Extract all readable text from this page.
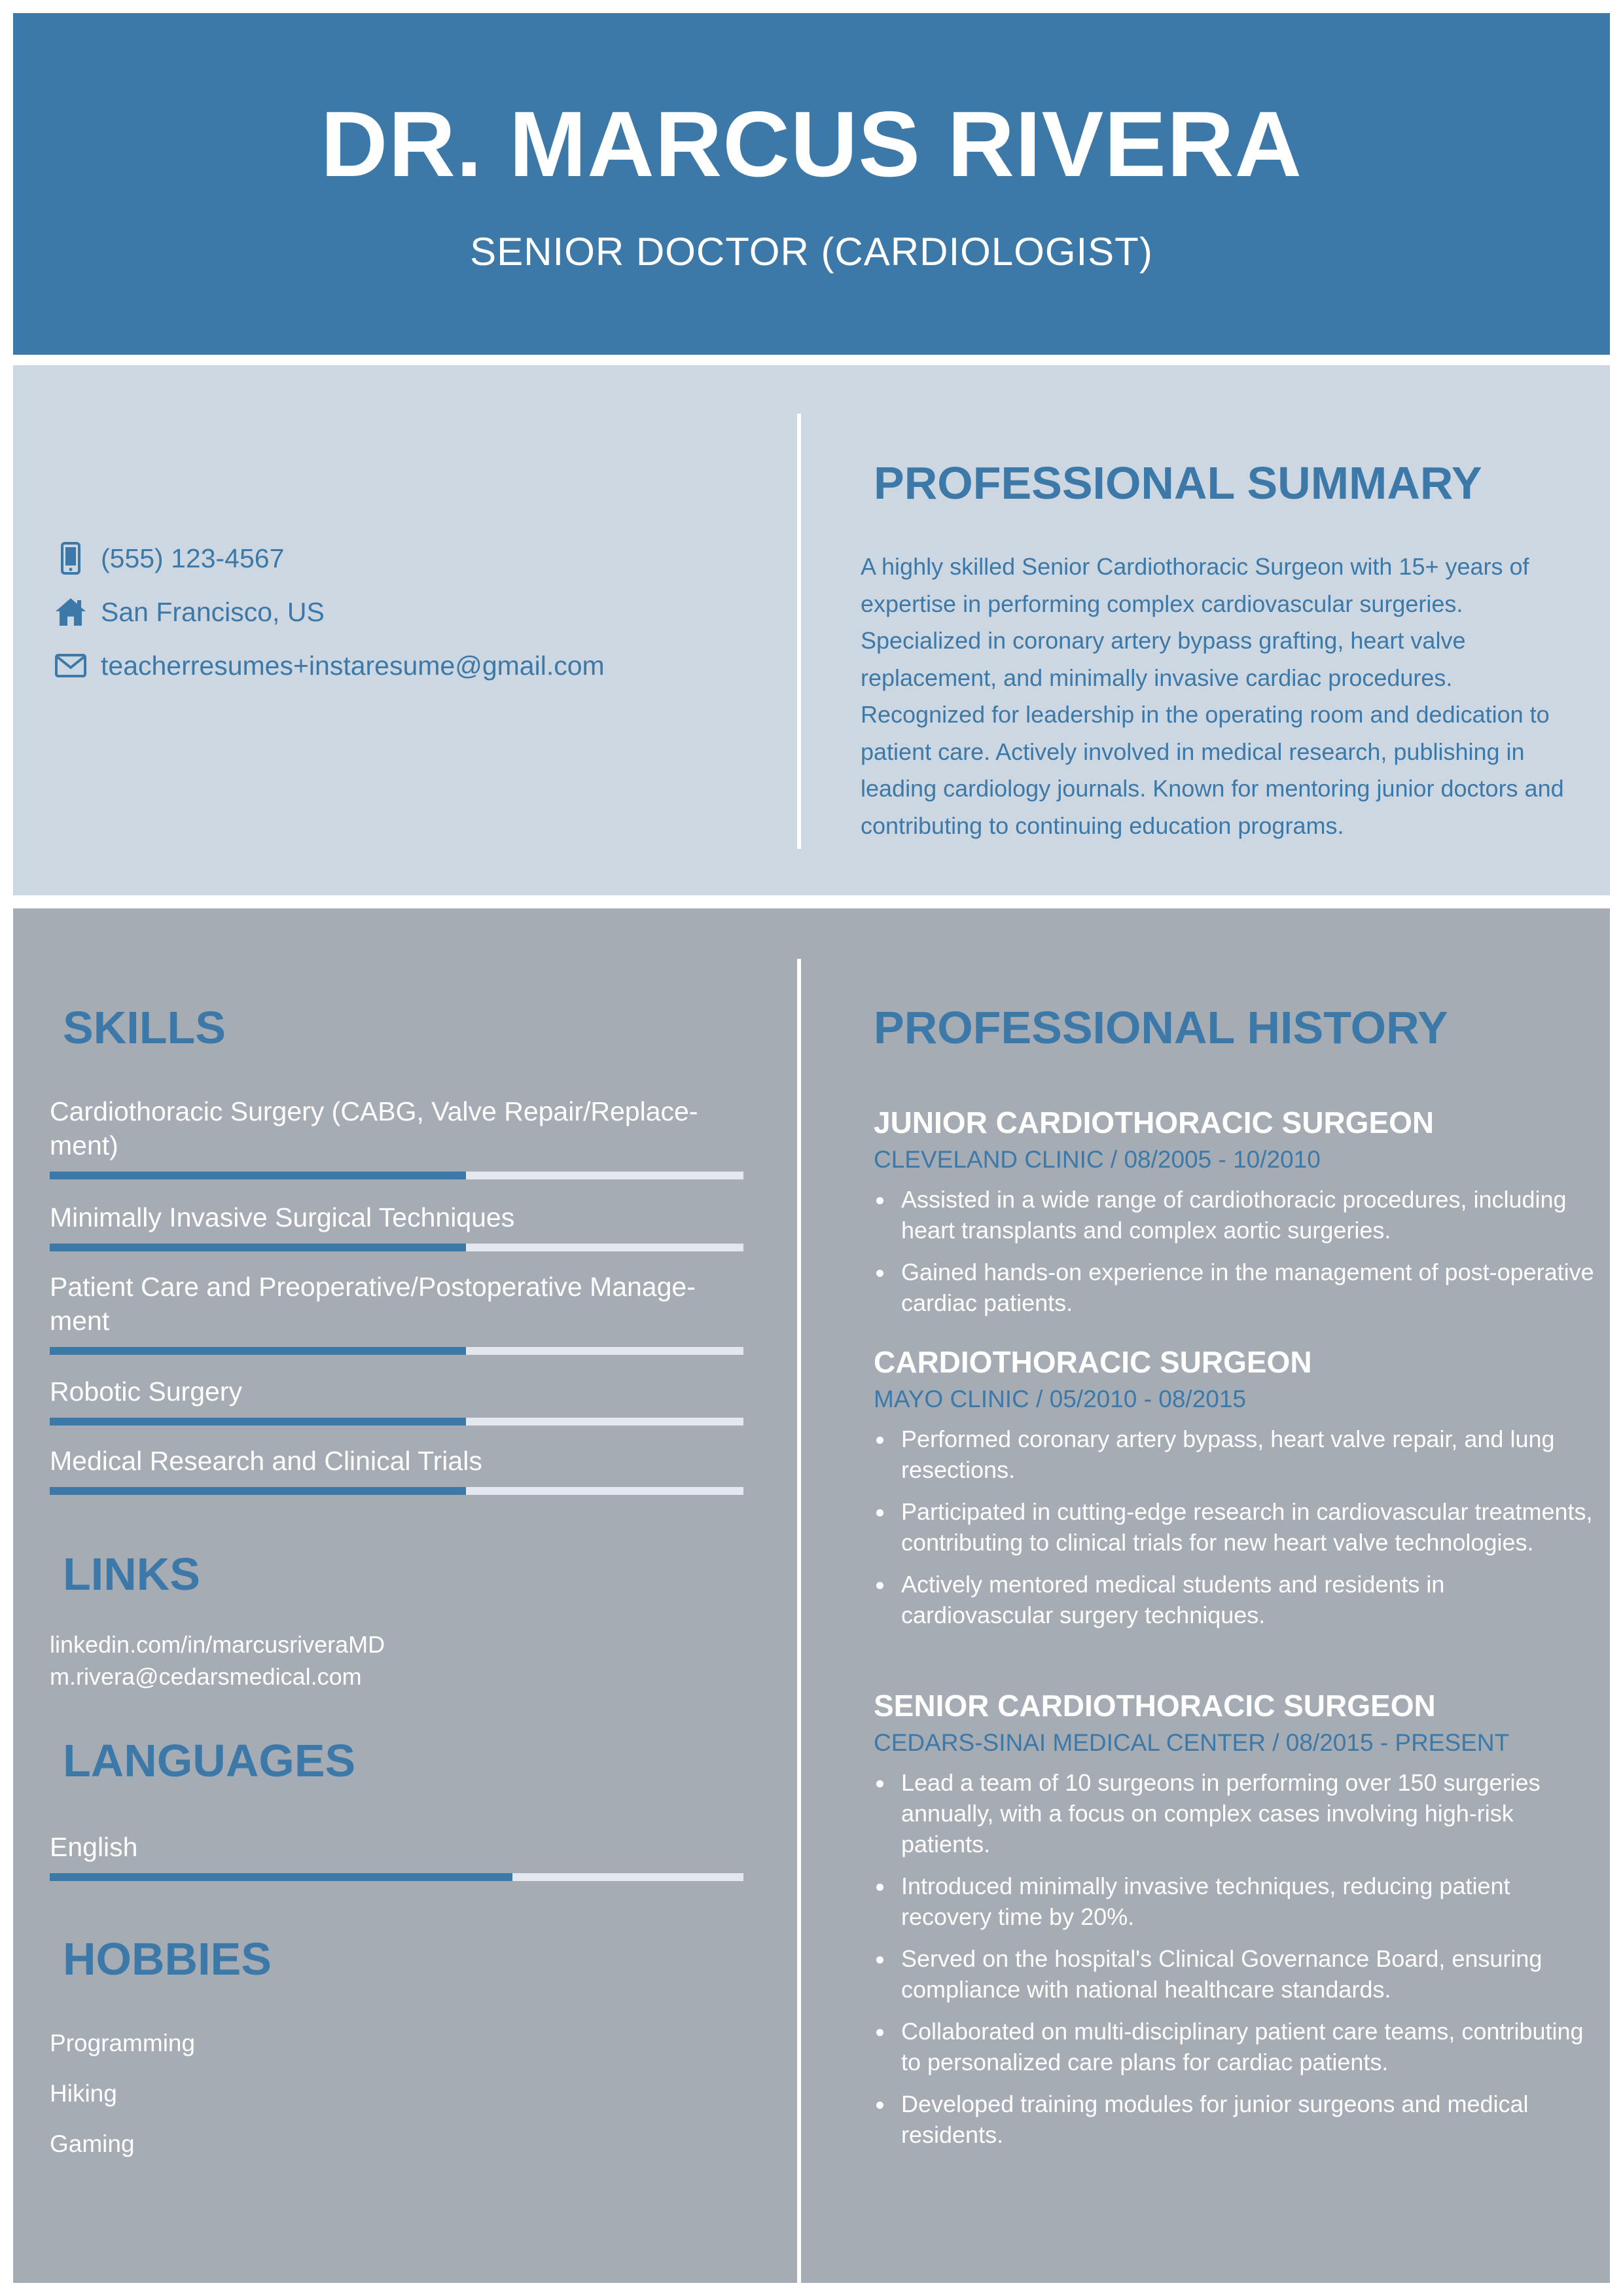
DR. MARCUS RIVERA
SENIOR DOCTOR (CARDIOLOGIST)
(555) 123-4567
San Francisco, US
teacherresumes+instaresume@gmail.com
PROFESSIONAL SUMMARY
A highly skilled Senior Cardiothoracic Surgeon with 15+ years of expertise in performing complex cardiovascular surgeries. Specialized in coronary artery bypass grafting, heart valve replacement, and minimally invasive cardiac procedures. Recognized for leadership in the operating room and dedication to patient care. Actively involved in medical research, publishing in leading cardiology journals. Known for mentoring junior doctors and contributing to continuing education programs.
SKILLS
Cardiothoracic Surgery (CABG, Valve Repair/Replace- ment)
Minimally Invasive Surgical Techniques
Patient Care and Preoperative/Postoperative Manage- ment
Robotic Surgery
Medical Research and Clinical Trials
LINKS
linkedin.com/in/marcusriveraMD
m.rivera@cedarsmedical.com
LANGUAGES
English
HOBBIES
Programming
Hiking
Gaming
PROFESSIONAL HISTORY
JUNIOR CARDIOTHORACIC SURGEON
CLEVELAND CLINIC / 08/2005 - 10/2010
Assisted in a wide range of cardiothoracic procedures, including heart transplants and complex aortic surgeries.
Gained hands-on experience in the management of post-operative cardiac patients.
CARDIOTHORACIC SURGEON
MAYO CLINIC / 05/2010 - 08/2015
Performed coronary artery bypass, heart valve repair, and lung resections.
Participated in cutting-edge research in cardiovascular treatments, contributing to clinical trials for new heart valve technologies.
Actively mentored medical students and residents in cardiovascular surgery techniques.
SENIOR CARDIOTHORACIC SURGEON
CEDARS-SINAI MEDICAL CENTER / 08/2015 - PRESENT
Lead a team of 10 surgeons in performing over 150 surgeries annually, with a focus on complex cases involving high-risk patients.
Introduced minimally invasive techniques, reducing patient recovery time by 20%.
Served on the hospital's Clinical Governance Board, ensuring compliance with national healthcare standards.
Collaborated on multi-disciplinary patient care teams, contributing to personalized care plans for cardiac patients.
Developed training modules for junior surgeons and medical residents.
